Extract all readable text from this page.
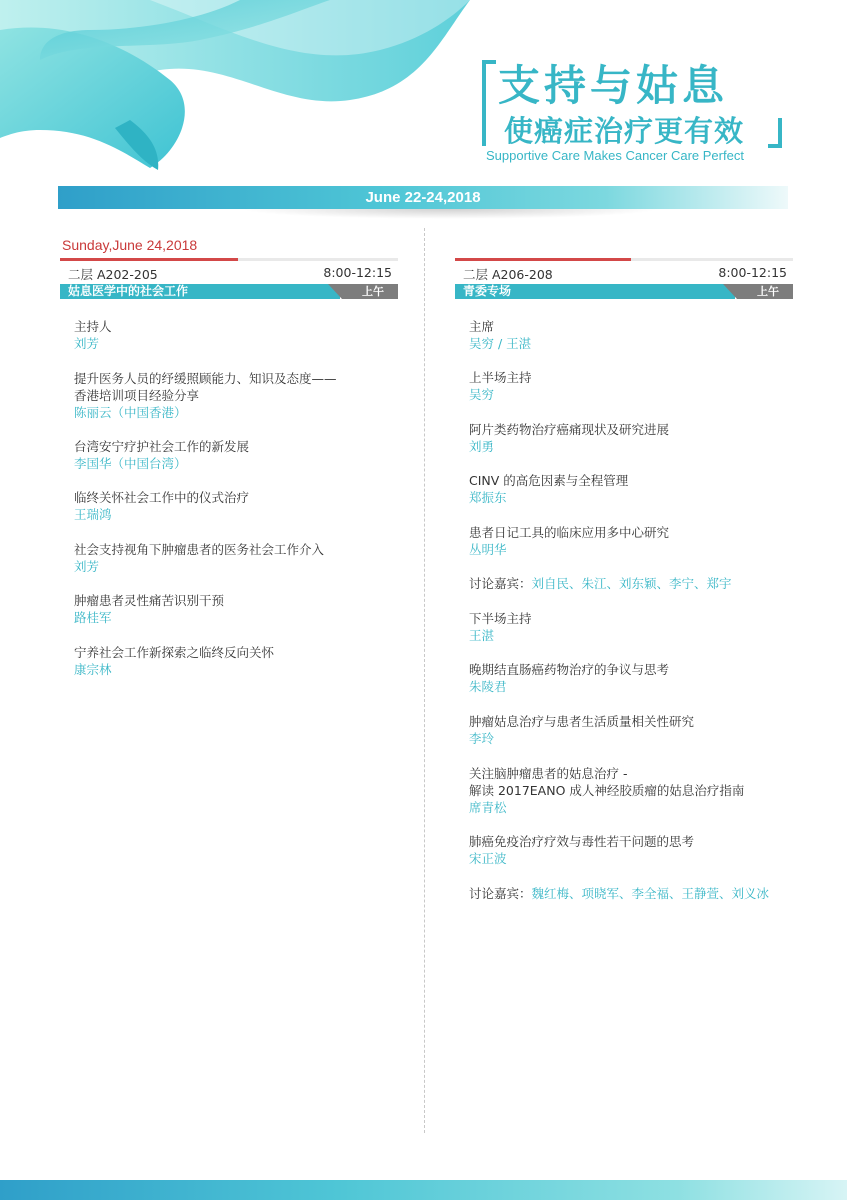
支持与姑息
使癌症治疗更有效
Supportive Care Makes Cancer Care Perfect
June 22-24,2018
Sunday,June 24,2018
二层 A202-205	8:00-12:15
姑息医学中的社会工作	上午
主持人
刘芳
提升医务人员的纾缓照顾能力、知识及态度——
香港培训项目经验分享
陈丽云（中国香港）
台湾安宁疗护社会工作的新发展
李国华（中国台湾）
临终关怀社会工作中的仪式治疗
王瑞鸿
社会支持视角下肿瘤患者的医务社会工作介入
刘芳
肿瘤患者灵性痛苦识别干预
路桂军
宁养社会工作新探索之临终反向关怀
康宗林
二层 A206-208	8:00-12:15
青委专场	上午
主席
吴穷 / 王湛
上半场主持
吴穷
阿片类药物治疗癌痛现状及研究进展
刘勇
CINV 的高危因素与全程管理
郑振东
患者日记工具的临床应用多中心研究
丛明华
讨论嘉宾：刘自民、朱江、刘东颖、李宁、郑宇
下半场主持
王湛
晚期结直肠癌药物治疗的争议与思考
朱陵君
肿瘤姑息治疗与患者生活质量相关性研究
李玲
关注脑肿瘤患者的姑息治疗 -
解读 2017EANO 成人神经胶质瘤的姑息治疗指南
席青松
肺癌免疫治疗疗效与毒性若干问题的思考
宋正波
讨论嘉宾：魏红梅、项晓军、李全福、王静萱、刘义冰
